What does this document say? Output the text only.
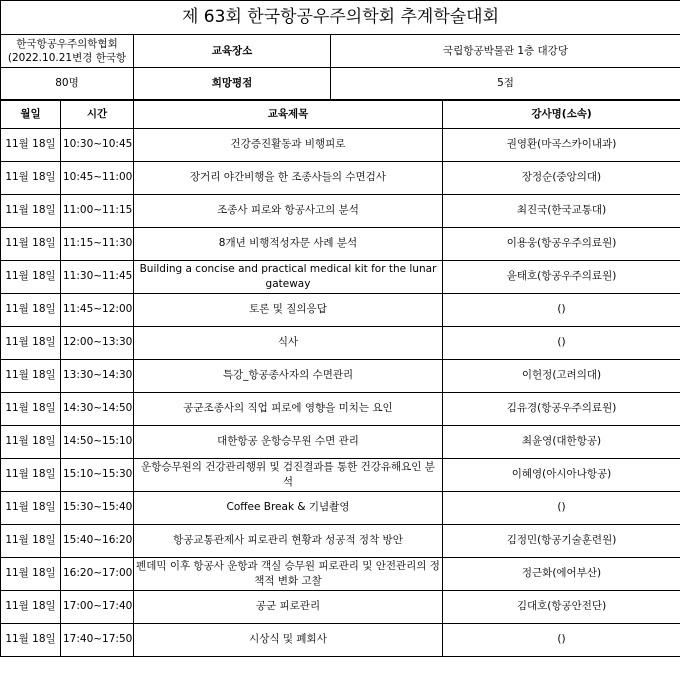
제 63회 한국항공우주의학회 추계학술대회				
한국항공우주의학협회 (2022.10.21변경 한국항		교육장소	국립항공박물관 1층 대강당	
80명		희망평점	5점	
월일	시간	교육제목		강사명(소속)
11월 18일	10:30~10:45	건강증진활동과 비행피로		권영환(마곡스카이내과)
11월 18일	10:45~11:00	장거리 야간비행을 한 조종사들의 수면검사		장정순(중앙의대)
11월 18일	11:00~11:15	조종사 피로와 항공사고의 분석		최진국(한국교통대)
11월 18일	11:15~11:30	8개년 비행적성자문 사례 분석		이용웅(항공우주의료원)
11월 18일	11:30~11:45	Building a concise and practical medical kit for the lunar gateway		윤태호(항공우주의료원)
11월 18일	11:45~12:00	토론 및 질의응답		()
11월 18일	12:00~13:30	식사		()
11월 18일	13:30~14:30	특강_항공종사자의 수면관리		이헌정(고려의대)
11월 18일	14:30~14:50	공군조종사의 직업 피로에 영향을 미치는 요인		김유경(항공우주의료원)
11월 18일	14:50~15:10	대한항공 운항승무원 수면 관리		최윤영(대한항공)
11월 18일	15:10~15:30	운항승무원의 건강관리행위 및 검진결과를 통한 건강유해요인 분석		이혜영(아시아나항공)
11월 18일	15:30~15:40	Coffee Break & 기념촬영		()
11월 18일	15:40~16:20	항공교통관제사 피로관리 현황과 성공적 정착 방안		김정민(항공기술훈련원)
11월 18일	16:20~17:00	펜데믹 이후 항공사 운항과 객실 승무원 피로관리 및 안전관리의 정책적 변화 고찰		정근화(에어부산)
11월 18일	17:00~17:40	공군 피로관리		김대호(항공안전단)
11월 18일	17:40~17:50	시상식 및 폐회사		()
